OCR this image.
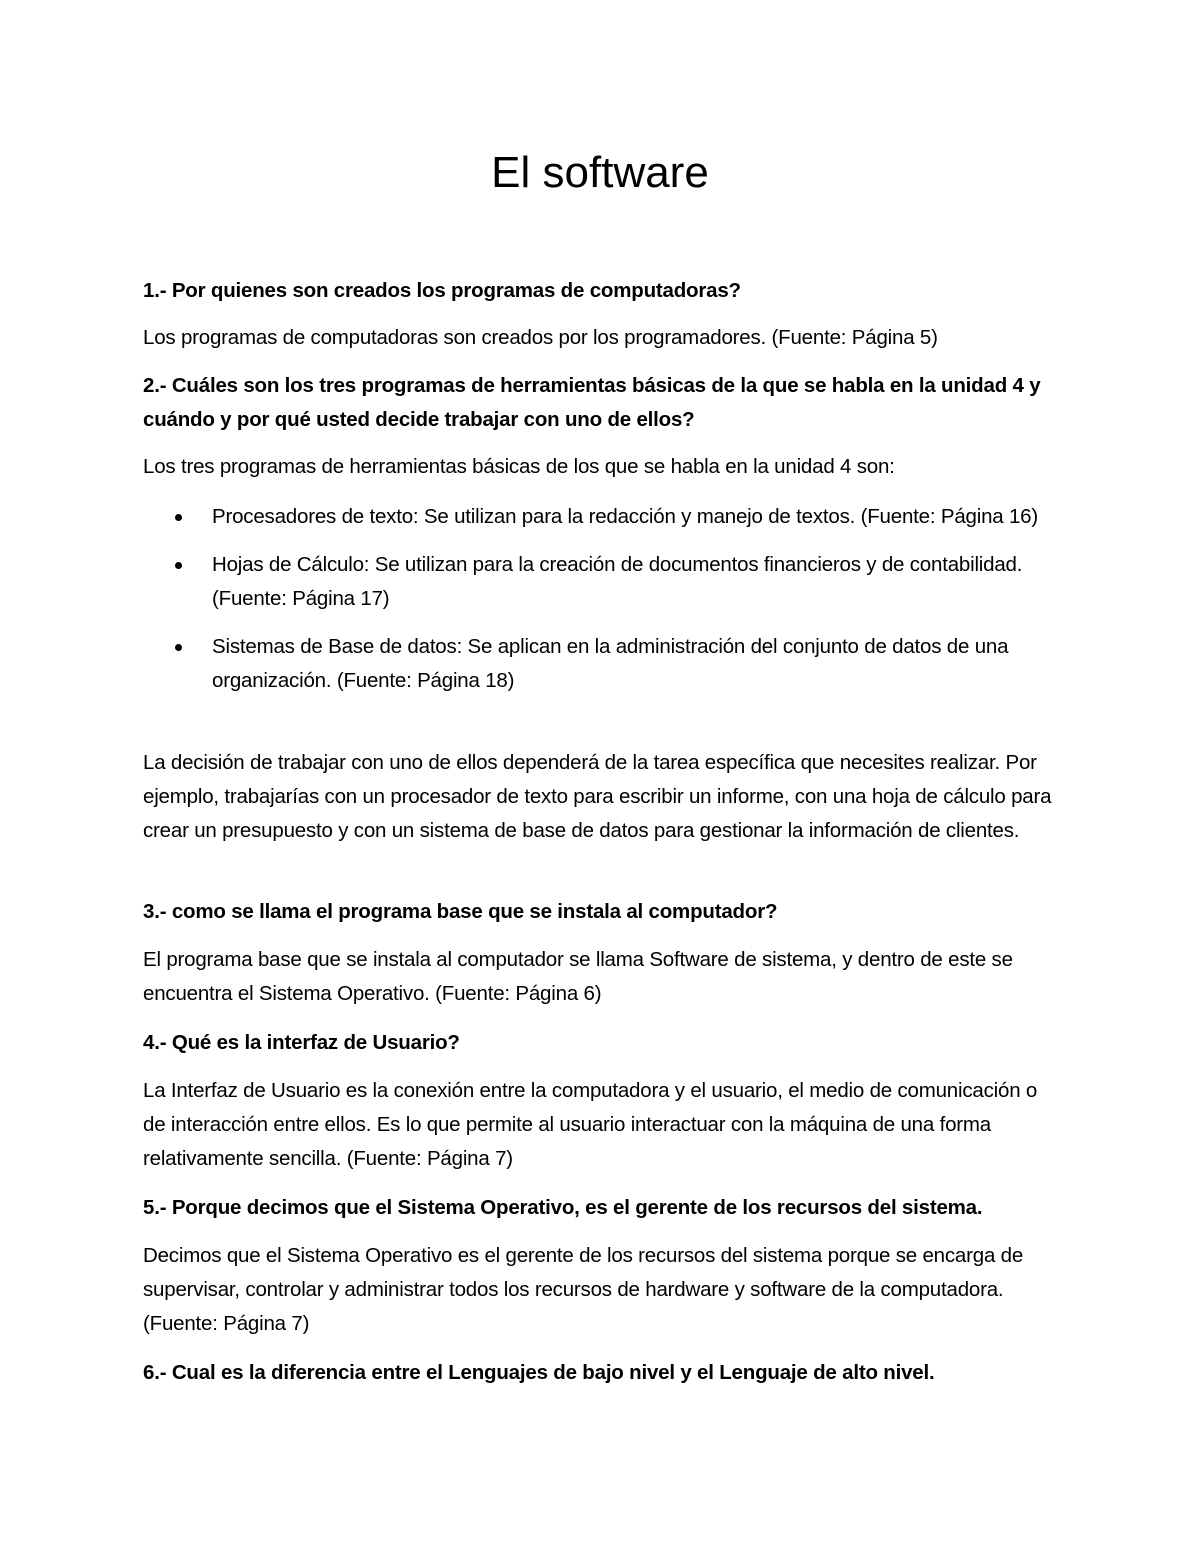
El software

1.- Por quienes son creados los programas de computadoras?

Los programas de computadoras son creados por los programadores. (Fuente: Página 5)

2.- Cuáles son los tres programas de herramientas básicas de la que se habla en la unidad 4 y cuándo y por qué usted decide trabajar con uno de ellos?

Los tres programas de herramientas básicas de los que se habla en la unidad 4 son:

Procesadores de texto: Se utilizan para la redacción y manejo de textos. (Fuente: Página 16)
Hojas de Cálculo: Se utilizan para la creación de documentos financieros y de contabilidad. (Fuente: Página 17)
Sistemas de Base de datos: Se aplican en la administración del conjunto de datos de una organización. (Fuente: Página 18)

La decisión de trabajar con uno de ellos dependerá de la tarea específica que necesites realizar. Por ejemplo, trabajarías con un procesador de texto para escribir un informe, con una hoja de cálculo para crear un presupuesto y con un sistema de base de datos para gestionar la información de clientes.

3.- como se llama el programa base que se instala al computador?

El programa base que se instala al computador se llama Software de sistema, y dentro de este se encuentra el Sistema Operativo. (Fuente: Página 6)

4.- Qué es la interfaz de Usuario?

La Interfaz de Usuario es la conexión entre la computadora y el usuario, el medio de comunicación o de interacción entre ellos. Es lo que permite al usuario interactuar con la máquina de una forma relativamente sencilla. (Fuente: Página 7)

5.- Porque decimos que el Sistema Operativo, es el gerente de los recursos del sistema.

Decimos que el Sistema Operativo es el gerente de los recursos del sistema porque se encarga de supervisar, controlar y administrar todos los recursos de hardware y software de la computadora. (Fuente: Página 7)

6.- Cual es la diferencia entre el Lenguajes de bajo nivel y el Lenguaje de alto nivel.
